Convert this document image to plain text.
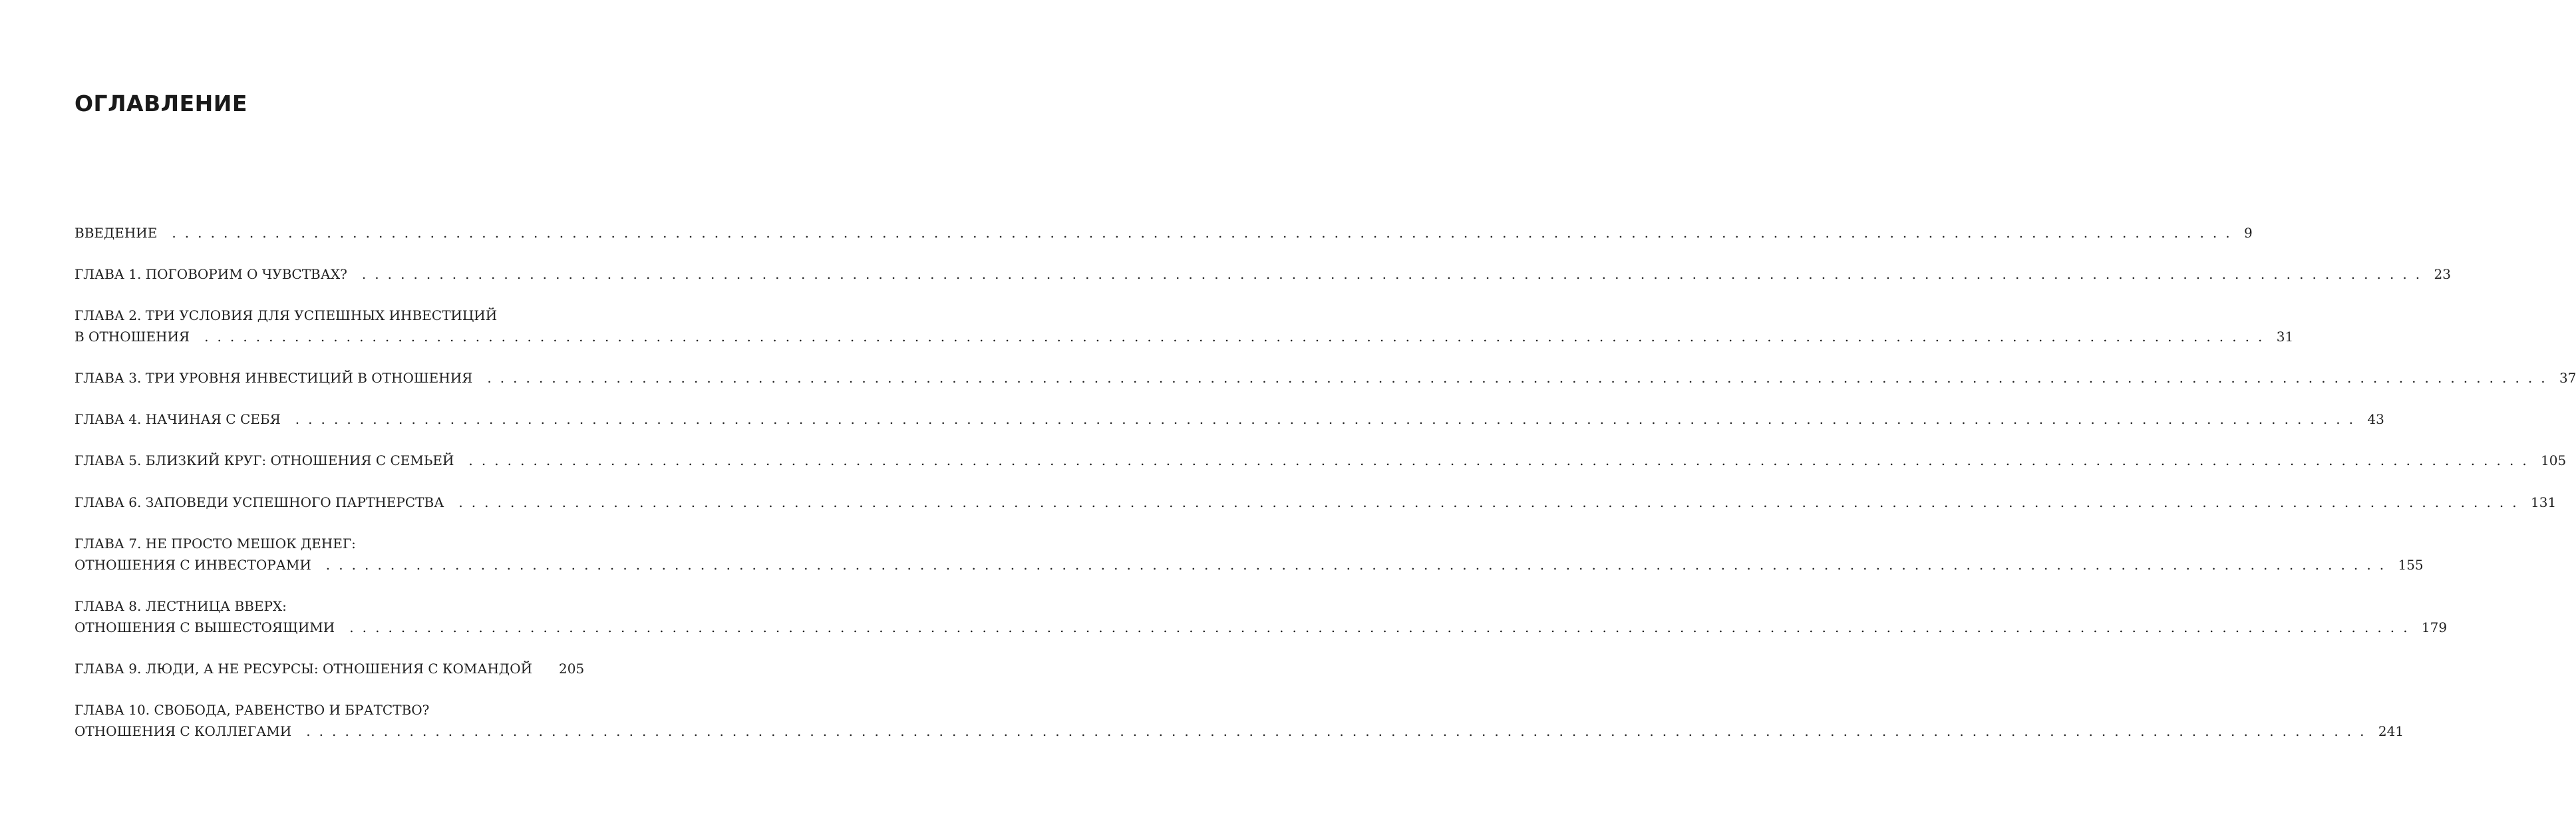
ОГЛАВЛЕНИЕ
ВВЕДЕНИЕ . . . . . . . . . . . . . . . . . . . . . . . . . . . . . . . . . . . . . . . . . . . . . . . . . . . . . . . . . . . . . . . . . . . . . . . . . . . . . . . . . . . . . . . . . . . . . . . . . . . . . . . . . . . . . . . . . . . . . . . . . . . . . . . . . . . . . . . . . . . . . . . . . . . . . . . . . . . . . . . . 9
ГЛАВА 1. ПОГОВОРИМ О ЧУВСТВАХ? . . . . . . . . . . . . . . . . . . . . . . . . . . . . . . . . . . . . . . . . . . . . . . . . . . . . . . . . . . . . . . . . . . . . . . . . . . . . . . . . . . . . . . . . . . . . . . . . . . . . . . . . . . . . . . . . . . . . . . . . . . . . . . . . . . . . . . . . . . . . . . . . . . . . . . . . . . . . . . . . 23
ГЛАВА 2. ТРИ УСЛОВИЯ ДЛЯ УСПЕШНЫХ ИНВЕСТИЦИЙ
В ОТНОШЕНИЯ . . . . . . . . . . . . . . . . . . . . . . . . . . . . . . . . . . . . . . . . . . . . . . . . . . . . . . . . . . . . . . . . . . . . . . . . . . . . . . . . . . . . . . . . . . . . . . . . . . . . . . . . . . . . . . . . . . . . . . . . . . . . . . . . . . . . . . . . . . . . . . . . . . . . . . . . . . . . . . . . 31
ГЛАВА 3. ТРИ УРОВНЯ ИНВЕСТИЦИЙ В ОТНОШЕНИЯ . . . . . . . . . . . . . . . . . . . . . . . . . . . . . . . . . . . . . . . . . . . . . . . . . . . . . . . . . . . . . . . . . . . . . . . . . . . . . . . . . . . . . . . . . . . . . . . . . . . . . . . . . . . . . . . . . . . . . . . . . . . . . . . . . . . . . . . . . . . . . . . . . . . . . . . . . . . . . . . . 37
ГЛАВА 4. НАЧИНАЯ С СЕБЯ . . . . . . . . . . . . . . . . . . . . . . . . . . . . . . . . . . . . . . . . . . . . . . . . . . . . . . . . . . . . . . . . . . . . . . . . . . . . . . . . . . . . . . . . . . . . . . . . . . . . . . . . . . . . . . . . . . . . . . . . . . . . . . . . . . . . . . . . . . . . . . . . . . . . . . . . . . . . . . . . 43
ГЛАВА 5. БЛИЗКИЙ КРУГ: ОТНОШЕНИЯ С СЕМЬЕЙ . . . . . . . . . . . . . . . . . . . . . . . . . . . . . . . . . . . . . . . . . . . . . . . . . . . . . . . . . . . . . . . . . . . . . . . . . . . . . . . . . . . . . . . . . . . . . . . . . . . . . . . . . . . . . . . . . . . . . . . . . . . . . . . . . . . . . . . . . . . . . . . . . . . . . . . . . . . . . . . . 105
ГЛАВА 6. ЗАПОВЕДИ УСПЕШНОГО ПАРТНЕРСТВА . . . . . . . . . . . . . . . . . . . . . . . . . . . . . . . . . . . . . . . . . . . . . . . . . . . . . . . . . . . . . . . . . . . . . . . . . . . . . . . . . . . . . . . . . . . . . . . . . . . . . . . . . . . . . . . . . . . . . . . . . . . . . . . . . . . . . . . . . . . . . . . . . . . . . . . . . . . . . . . . 131
ГЛАВА 7. НЕ ПРОСТО МЕШОК ДЕНЕГ:
ОТНОШЕНИЯ С ИНВЕСТОРАМИ . . . . . . . . . . . . . . . . . . . . . . . . . . . . . . . . . . . . . . . . . . . . . . . . . . . . . . . . . . . . . . . . . . . . . . . . . . . . . . . . . . . . . . . . . . . . . . . . . . . . . . . . . . . . . . . . . . . . . . . . . . . . . . . . . . . . . . . . . . . . . . . . . . . . . . . . . . . . . . . . 155
ГЛАВА 8. ЛЕСТНИЦА ВВЕРХ:
ОТНОШЕНИЯ С ВЫШЕСТОЯЩИМИ . . . . . . . . . . . . . . . . . . . . . . . . . . . . . . . . . . . . . . . . . . . . . . . . . . . . . . . . . . . . . . . . . . . . . . . . . . . . . . . . . . . . . . . . . . . . . . . . . . . . . . . . . . . . . . . . . . . . . . . . . . . . . . . . . . . . . . . . . . . . . . . . . . . . . . . . . . . . . . . . 179
ГЛАВА 9. ЛЮДИ, А НЕ РЕСУРСЫ: ОТНОШЕНИЯ С КОМАНДОЙ 205
ГЛАВА 10. СВОБОДА, РАВЕНСТВО И БРАТСТВО?
ОТНОШЕНИЯ С КОЛЛЕГАМИ . . . . . . . . . . . . . . . . . . . . . . . . . . . . . . . . . . . . . . . . . . . . . . . . . . . . . . . . . . . . . . . . . . . . . . . . . . . . . . . . . . . . . . . . . . . . . . . . . . . . . . . . . . . . . . . . . . . . . . . . . . . . . . . . . . . . . . . . . . . . . . . . . . . . . . . . . . . . . . . . 241
